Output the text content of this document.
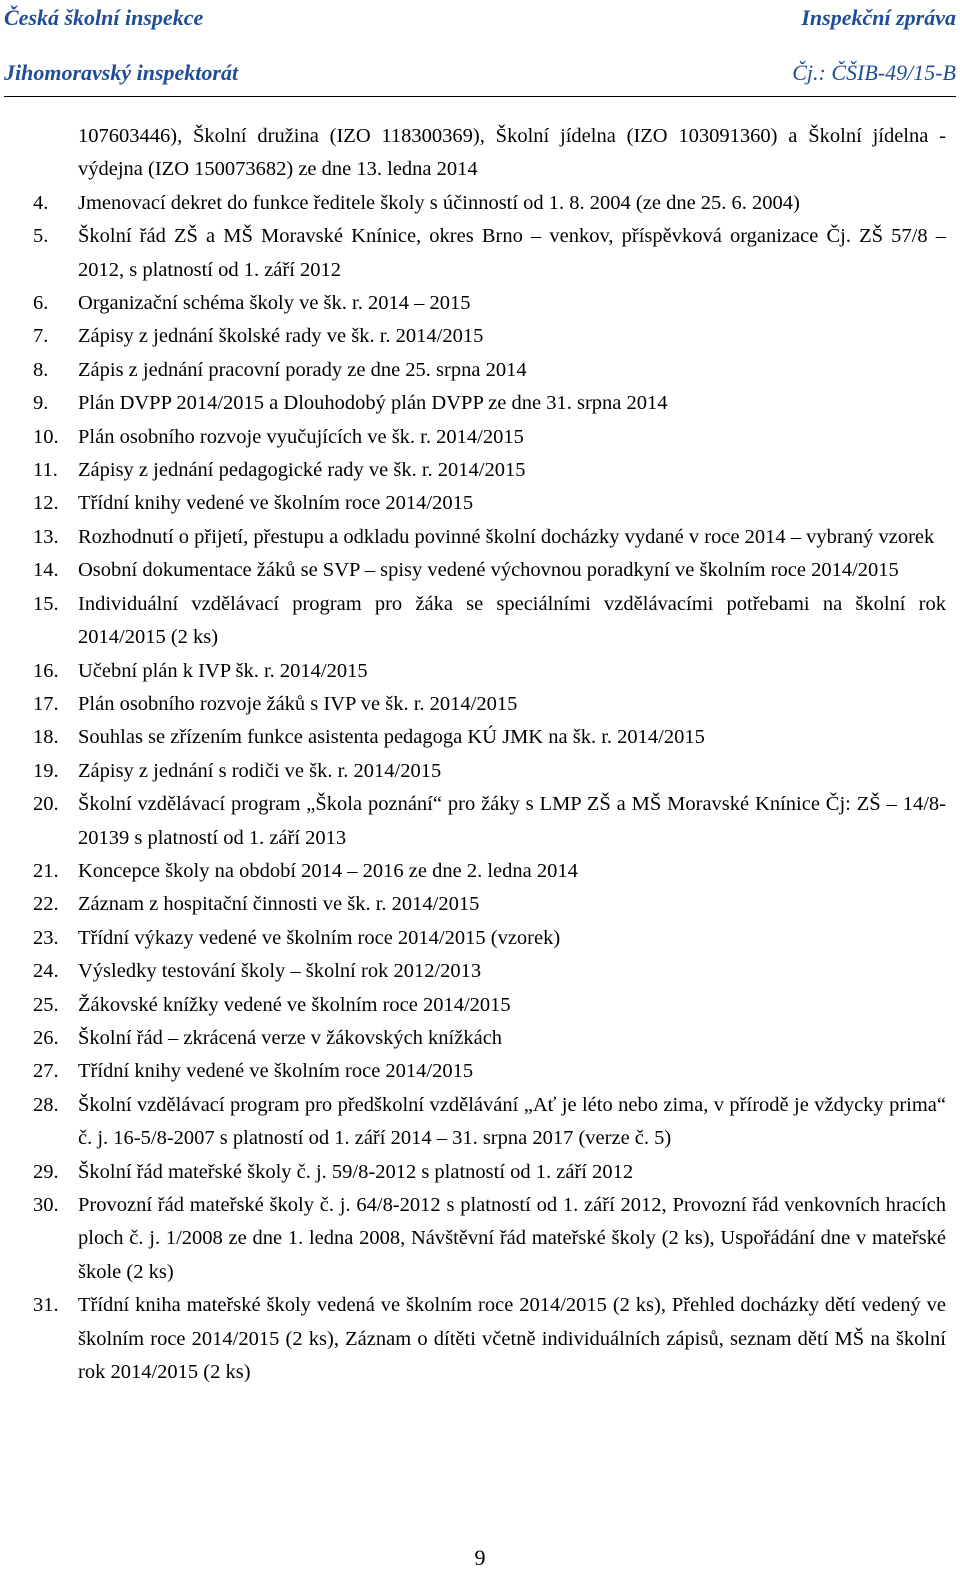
Česká školní inspekce	Inspekční zpráva
Jihomoravský inspektorát	Čj.: ČŠIB-49/15-B
107603446), Školní družina (IZO 118300369), Školní jídelna (IZO 103091360) a Školní jídelna - výdejna (IZO 150073682) ze dne 13. ledna 2014
4. Jmenovací dekret do funkce ředitele školy s účinností od 1. 8. 2004 (ze dne 25. 6. 2004)
5. Školní řád ZŠ a MŠ Moravské Knínice, okres Brno – venkov, příspěvková organizace Čj. ZŠ 57/8 – 2012, s platností od 1. září 2012
6. Organizační schéma školy ve šk. r. 2014 – 2015
7. Zápisy z jednání školské rady ve šk. r. 2014/2015
8. Zápis z jednání pracovní porady ze dne 25. srpna 2014
9. Plán DVPP 2014/2015 a Dlouhodobý plán DVPP ze dne 31. srpna 2014
10. Plán osobního rozvoje vyučujících ve šk. r. 2014/2015
11. Zápisy z jednání pedagogické rady ve šk. r. 2014/2015
12. Třídní knihy vedené ve školním roce 2014/2015
13. Rozhodnutí o přijetí, přestupu a odkladu povinné školní docházky vydané v roce 2014 – vybraný vzorek
14. Osobní dokumentace žáků se SVP – spisy vedené výchovnou poradkyní ve školním roce 2014/2015
15. Individuální vzdělávací program pro žáka se speciálními vzdělávacími potřebami na školní rok 2014/2015 (2 ks)
16. Učební plán k IVP šk. r. 2014/2015
17. Plán osobního rozvoje žáků s IVP ve šk. r. 2014/2015
18. Souhlas se zřízením funkce asistenta pedagoga KÚ JMK na šk. r. 2014/2015
19. Zápisy z jednání s rodiči ve šk. r. 2014/2015
20. Školní vzdělávací program „Škola poznání“ pro žáky s LMP ZŠ a MŠ Moravské Knínice Čj: ZŠ – 14/8-20139 s platností od 1. září 2013
21. Koncepce školy na období 2014 – 2016 ze dne 2. ledna 2014
22. Záznam z hospitační činnosti ve šk. r. 2014/2015
23. Třídní výkazy vedené ve školním roce 2014/2015 (vzorek)
24. Výsledky testování školy – školní rok 2012/2013
25. Žákovské knížky vedené ve školním roce 2014/2015
26. Školní řád – zkrácená verze v žákovských knížkách
27. Třídní knihy vedené ve školním roce 2014/2015
28. Školní vzdělávací program pro předškolní vzdělávání „Ať je léto nebo zima, v přírodě je vždycky prima“ č. j. 16-5/8-2007 s platností od 1. září 2014 – 31. srpna 2017 (verze č. 5)
29. Školní řád mateřské školy č. j. 59/8-2012 s platností od 1. září 2012
30. Provozní řád mateřské školy č. j. 64/8-2012 s platností od 1. září 2012, Provozní řád venkovních hracích ploch č. j. 1/2008 ze dne 1. ledna 2008, Návštěvní řád mateřské školy (2 ks), Uspořádání dne v mateřské škole (2 ks)
31. Třídní kniha mateřské školy vedená ve školním roce 2014/2015 (2 ks), Přehled docházky dětí vedený ve školním roce 2014/2015 (2 ks), Záznam o dítěti včetně individuálních zápisů, seznam dětí MŠ na školní rok 2014/2015 (2 ks)
9
